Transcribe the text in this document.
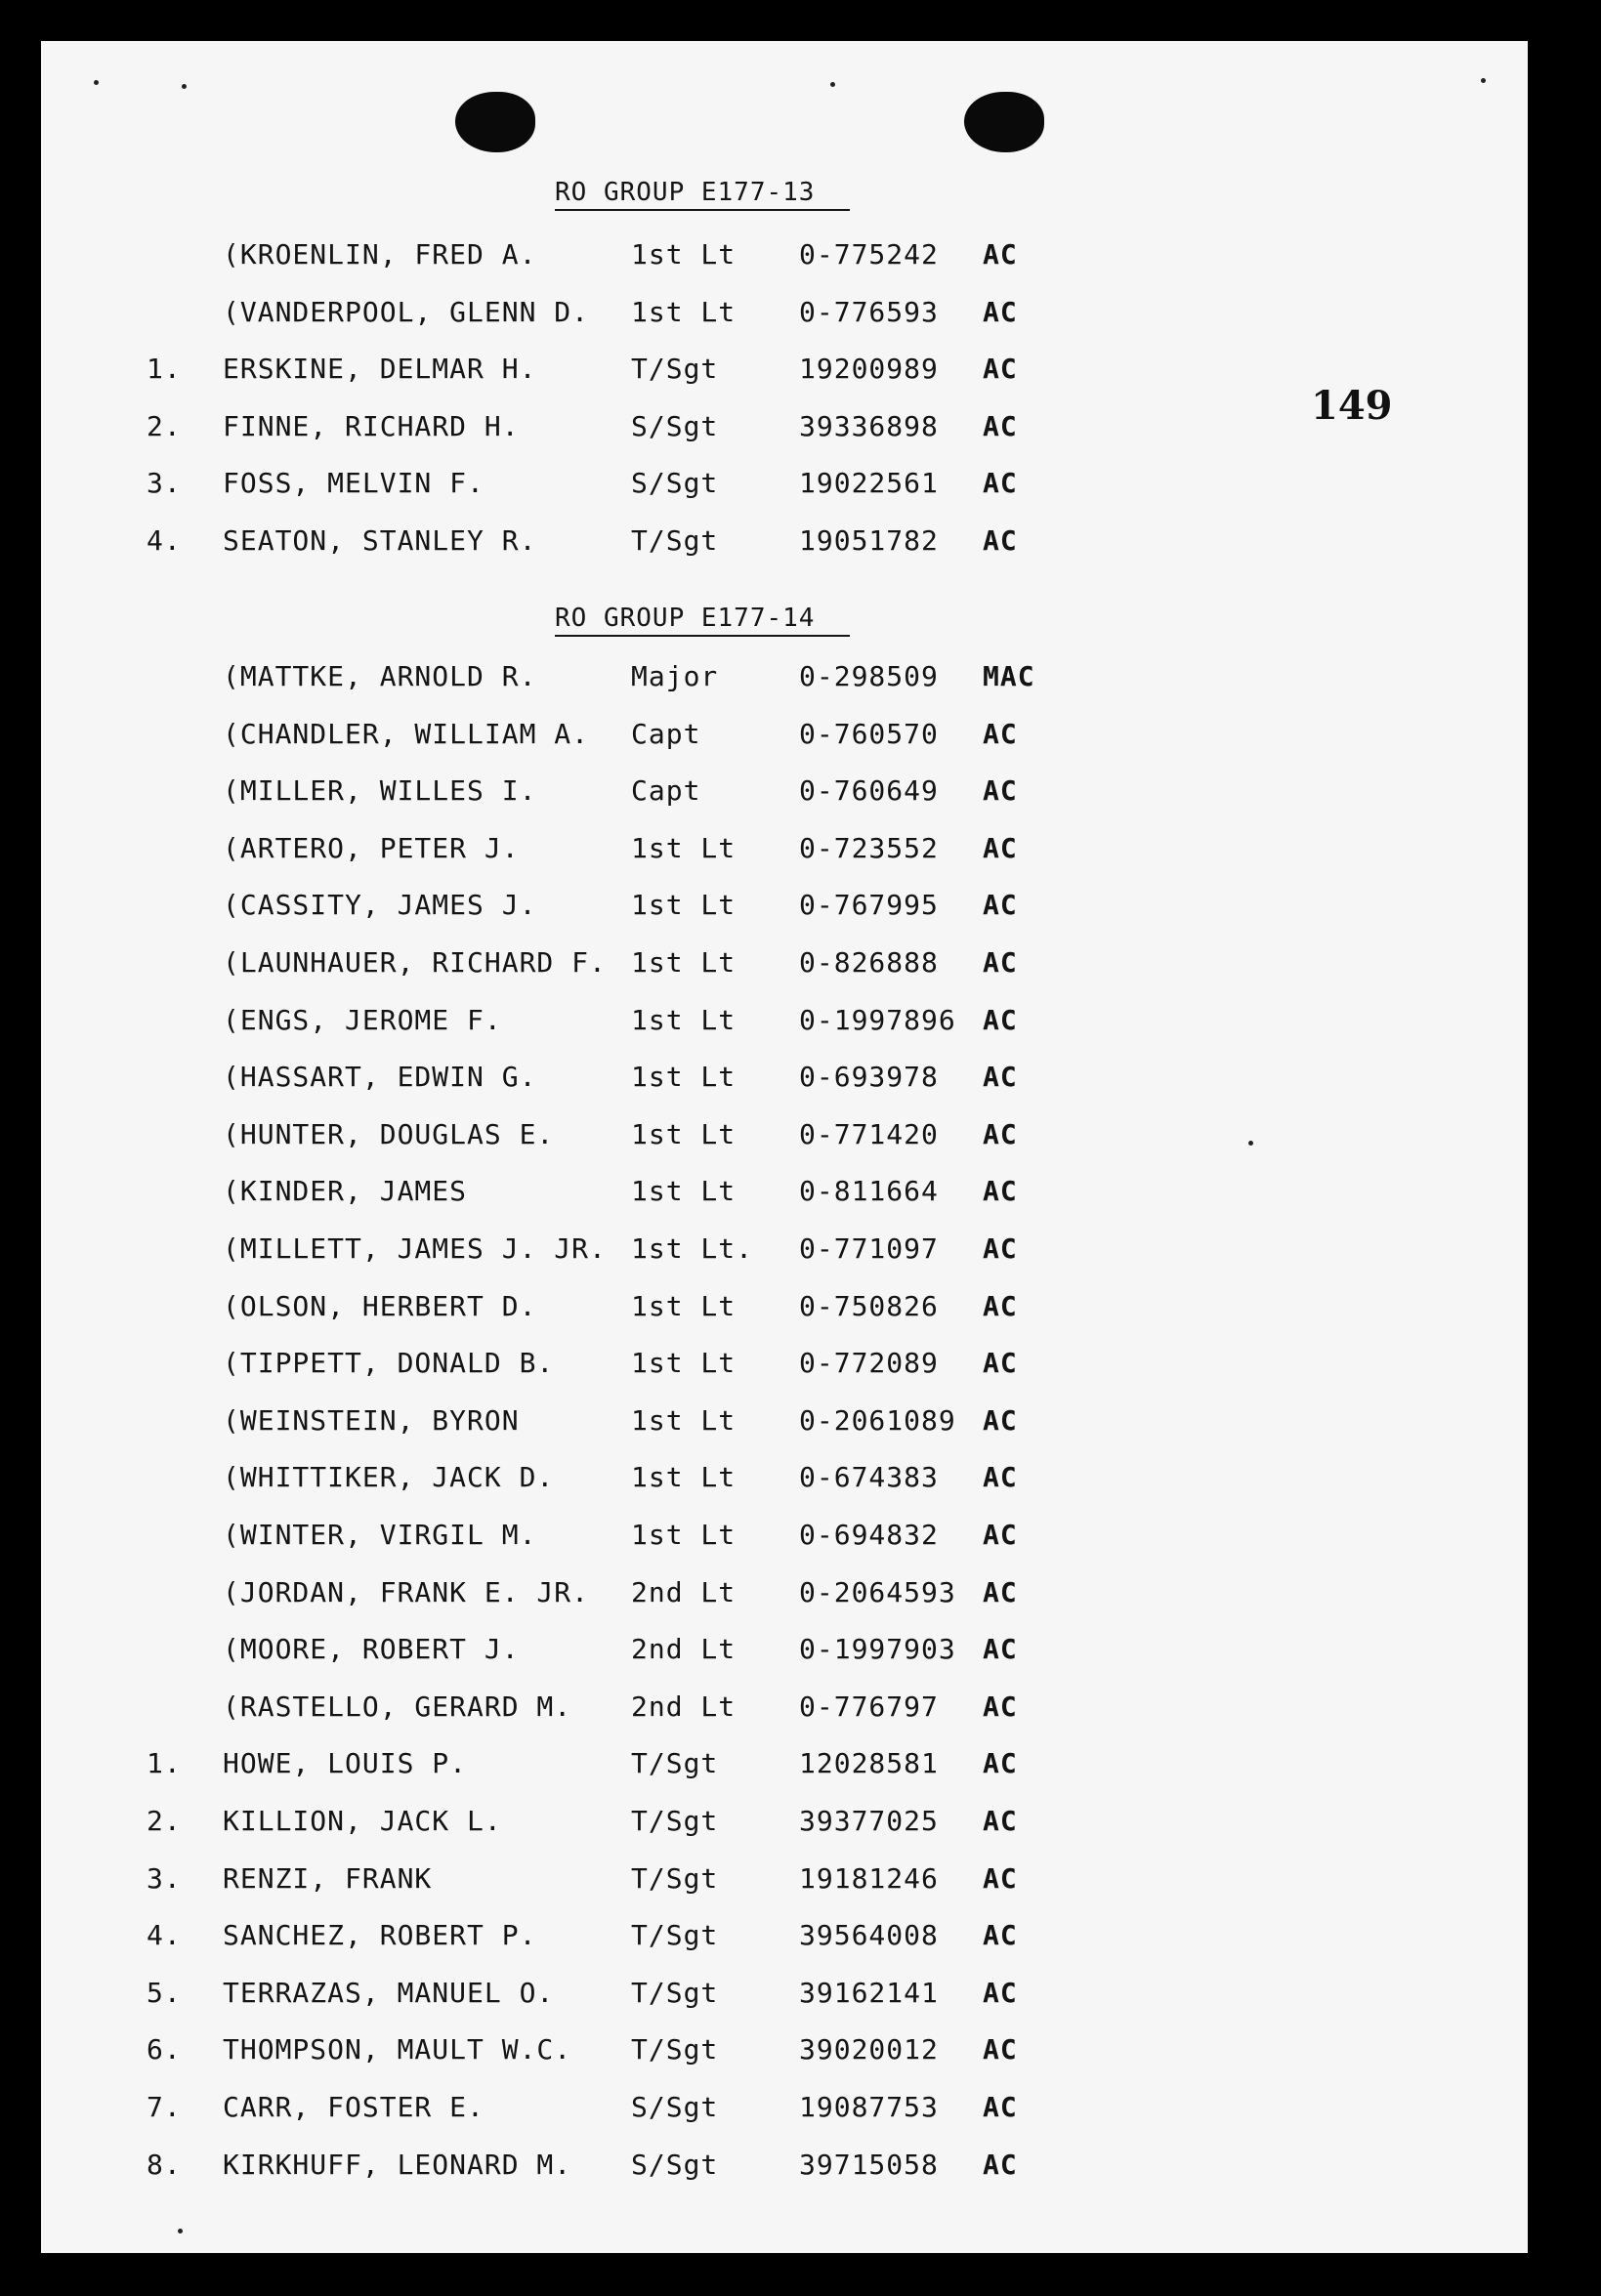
149
RO GROUP E177-13
(KROENLIN, FRED A.	1st Lt 0-775242 AC
(VANDERPOOL, GLENN D. 1st Lt 0-776593 AC
1. ERSKINE, DELMAR H.	T/Sgt	19200989 AC
2. FINNE, RICHARD H.	S/Sgt	39336898 AC
3. FOSS, MELVIN F.	S/Sgt	19022561 AC
4. SEATON, STANLEY R.	T/Sgt	19051782 AC
RO GROUP E177-14
(MATTKE, ARNOLD R.	Major	0-298509 MAC
(CHANDLER, WILLIAM A. Capt	0-760570 AC
(MILLER, WILLES I.	Capt	0-760649 AC
(ARTERO, PETER J.	1st Lt 0-723552 AC
(CASSITY, JAMES J.	1st Lt 0-767995 AC
(LAUNHAUER, RICHARD F. 1st Lt 0-826888 AC
(ENGS, JEROME F.	1st Lt 0-1997896 AC
(HASSART, EDWIN G.	1st Lt 0-693978 AC
(HUNTER, DOUGLAS E.	1st Lt 0-771420 AC
(KINDER, JAMES	1st Lt 0-811664 AC
(MILLETT, JAMES J. JR. 1st Lt. 0-771097 AC
(OLSON, HERBERT D.	1st Lt 0-750826 AC
(TIPPETT, DONALD B.	1st Lt 0-772089 AC
(WEINSTEIN, BYRON	1st Lt 0-2061089 AC
(WHITTIKER, JACK D.	1st Lt 0-674383 AC
(WINTER, VIRGIL M.	1st Lt 0-694832 AC
(JORDAN, FRANK E. JR. 2nd Lt 0-2064593 AC
(MOORE, ROBERT J.	2nd Lt 0-1997903 AC
(RASTELLO, GERARD M. 2nd Lt 0-776797 AC
1. HOWE, LOUIS P.	T/Sgt	12028581 AC
2. KILLION, JACK L.	T/Sgt	39377025 AC
3. RENZI, FRANK	T/Sgt	19181246 AC
4. SANCHEZ, ROBERT P.	T/Sgt	39564008 AC
5. TERRAZAS, MANUEL O.	T/Sgt	39162141 AC
6. THOMPSON, MAULT W.C. T/Sgt	39020012 AC
7. CARR, FOSTER E.	S/Sgt	19087753 AC
8. KIRKHUFF, LEONARD M. S/Sgt	39715058 AC
